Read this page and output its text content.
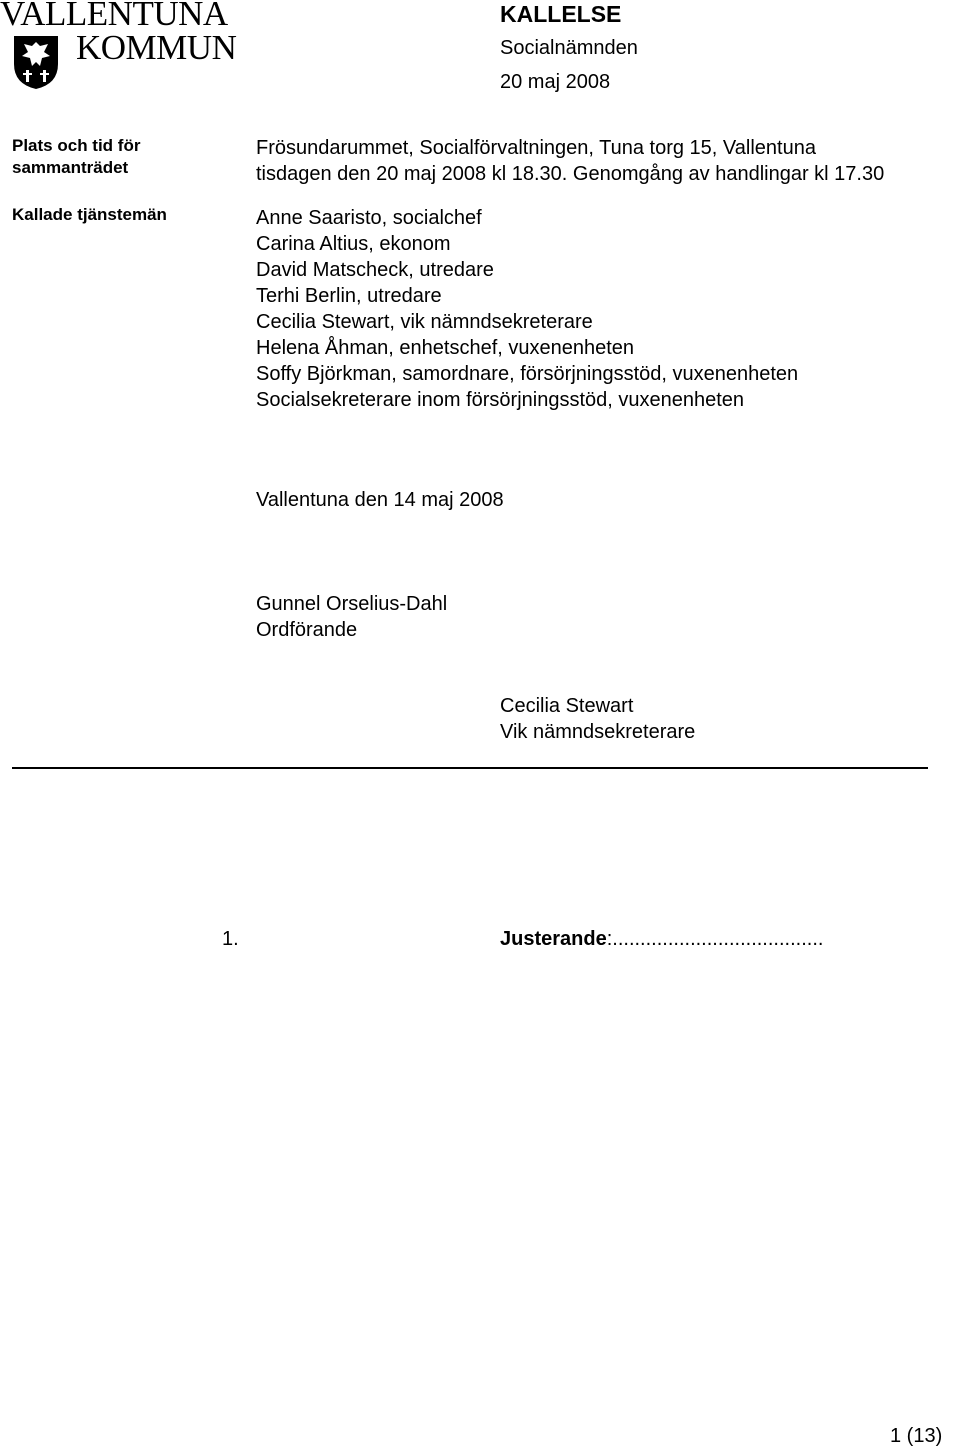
VALLENTUNA
KOMMUN
KALLELSE
Socialnämnden
20 maj 2008
Plats och tid för
sammanträdet
Frösundarummet, Socialförvaltningen, Tuna torg 15, Vallentuna
tisdagen den 20 maj 2008 kl 18.30. Genomgång av handlingar kl 17.30
Kallade tjänstemän	Anne Saaristo, socialchef
Carina Altius, ekonom
David Matscheck, utredare
Terhi Berlin, utredare
Cecilia Stewart, vik nämndsekreterare
Helena Åhman, enhetschef, vuxenenheten
Soffy Björkman, samordnare, försörjningsstöd, vuxenenheten
Socialsekreterare inom försörjningsstöd, vuxenenheten
Vallentuna den 14 maj 2008
Gunnel Orselius-Dahl
Ordförande
Cecilia Stewart
Vik nämndsekreterare
1.	Justerande:......................................
1 (13)
